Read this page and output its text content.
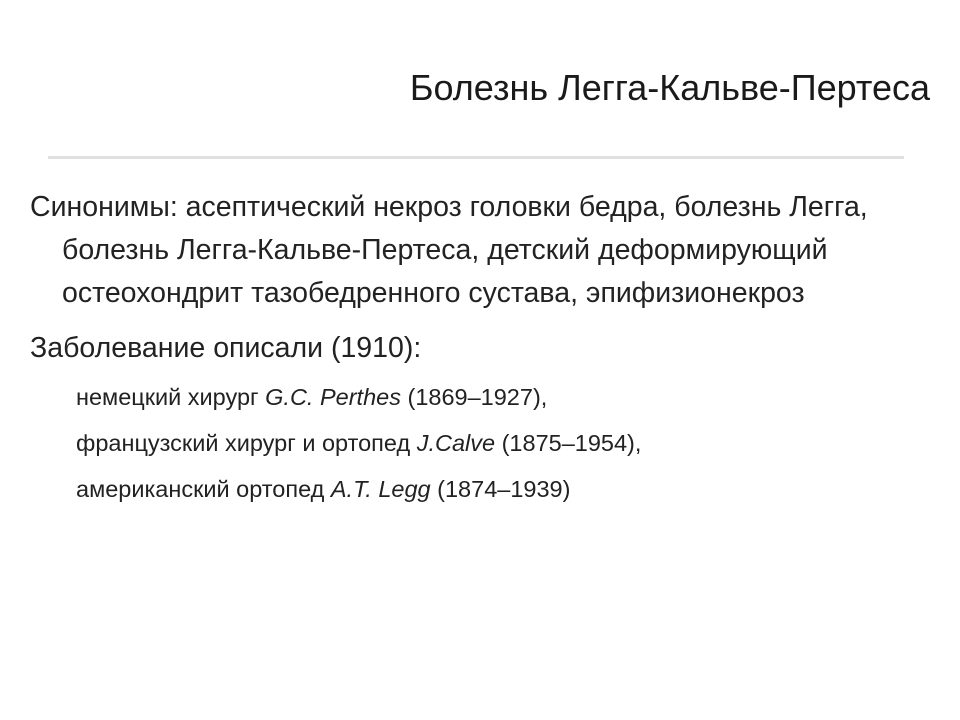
Болезнь Легга-Кальве-Пертеса

Синонимы: асептический некроз головки бедра, болезнь Легга, болезнь Легга-Кальве-Пертеса, детский деформирующий остеохондрит тазобедренного сустава, эпифизионекроз

Заболевание описали (1910):

немецкий хирург G.C. Perthes (1869–1927),
французский хирург и ортопед J.Calve (1875–1954),
американский ортопед A.T. Legg (1874–1939)
